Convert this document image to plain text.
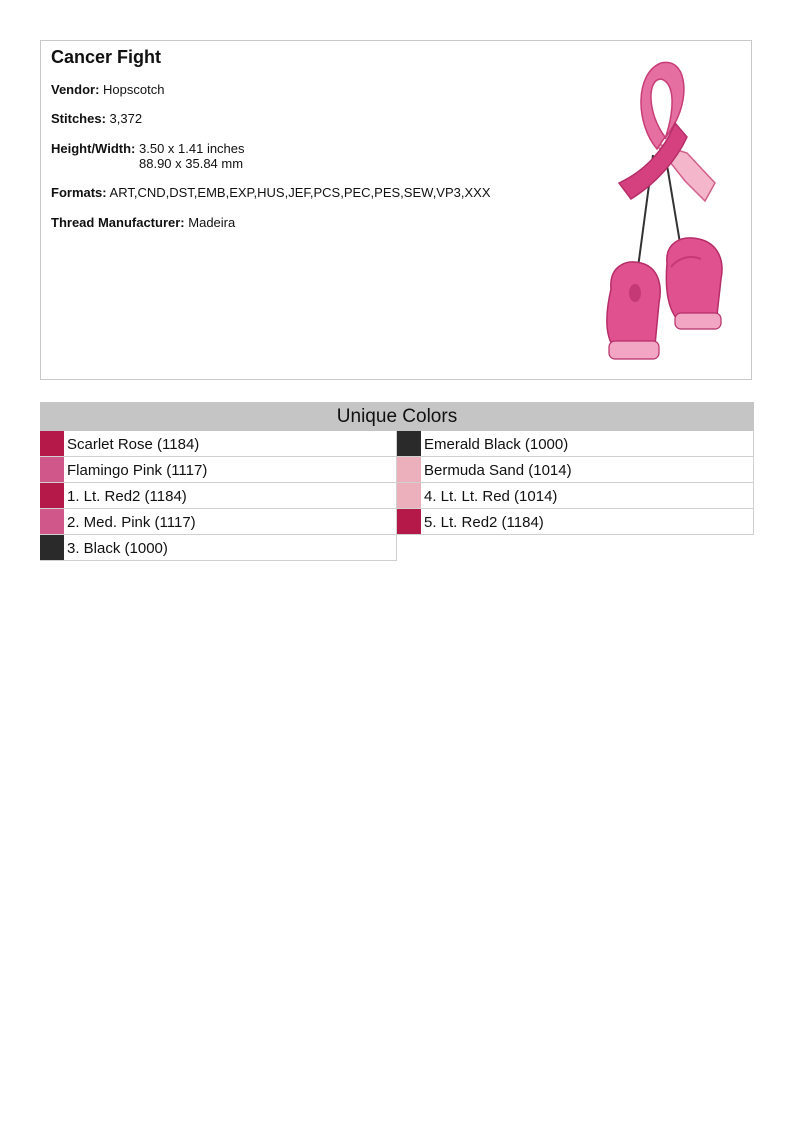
Cancer Fight
Vendor: Hopscotch
Stitches: 3,372
Height/Width: 3.50 x 1.41 inches
88.90 x 35.84 mm
Formats: ART,CND,DST,EMB,EXP,HUS,JEF,PCS,PEC,PES,SEW,VP3,XXX
Thread Manufacturer: Madeira
Unique Colors
Scarlet Rose (1184)
Flamingo Pink (1117)
1. Lt. Red2 (1184)
2. Med. Pink (1117)
3. Black (1000)
Emerald Black (1000)
Bermuda Sand (1014)
4. Lt. Lt. Red (1014)
5. Lt. Red2 (1184)
